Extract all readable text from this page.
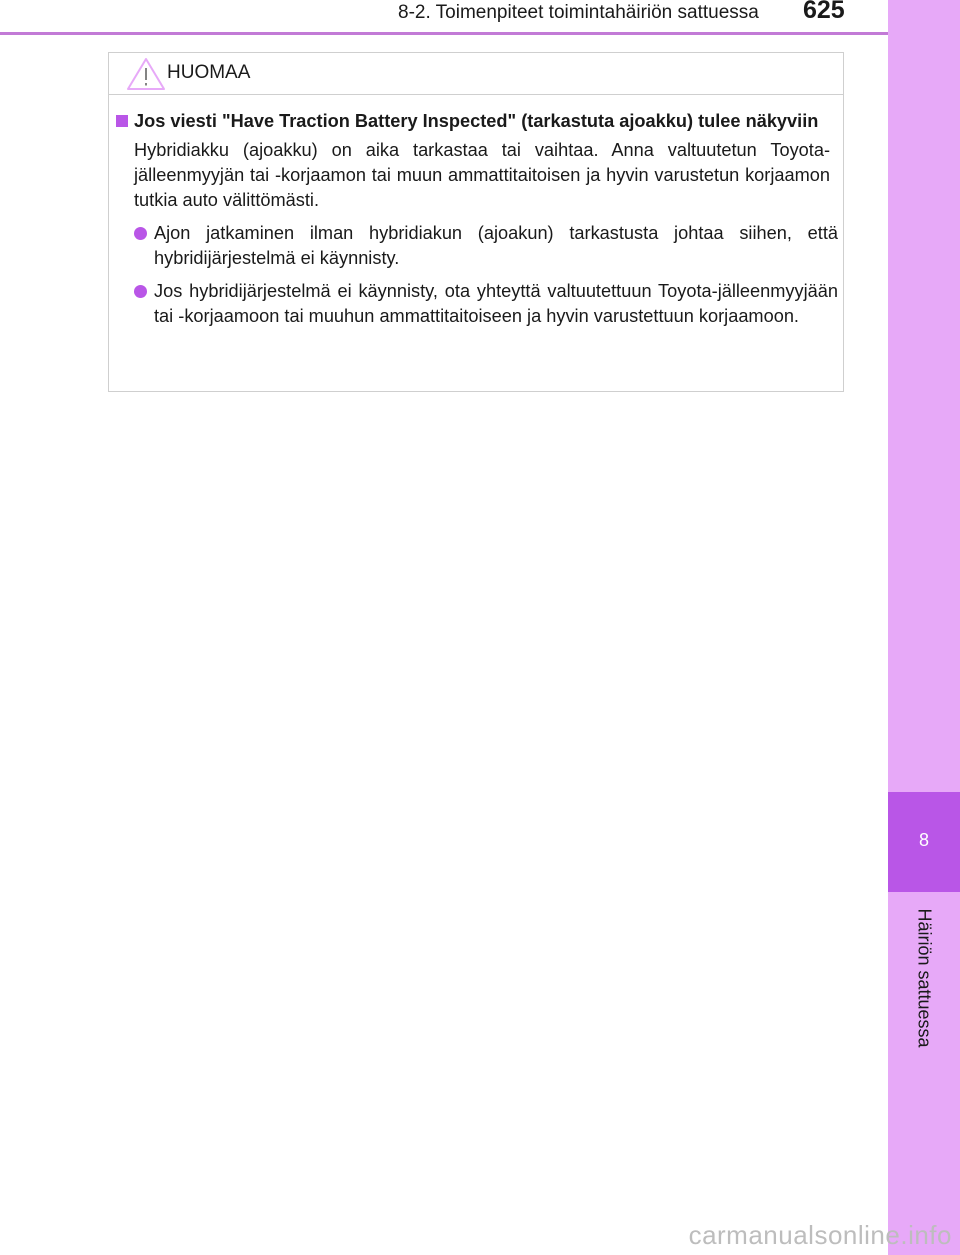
8-2. Toimenpiteet toimintahäiriön sattuessa 625
8
Häiriön sattuessa
HUOMAA
Jos viesti "Have Traction Battery Inspected" (tarkastuta ajoakku) tulee näkyviin
Hybridiakku (ajoakku) on aika tarkastaa tai vaihtaa. Anna valtuutetun Toyota-jälleenmyyjän tai -korjaamon tai muun ammattitaitoisen ja hyvin varustetun korjaamon tutkia auto välittömästi.
Ajon jatkaminen ilman hybridiakun (ajoakun) tarkastusta johtaa siihen, että hybridijärjestelmä ei käynnisty.
Jos hybridijärjestelmä ei käynnisty, ota yhteyttä valtuutettuun Toyota-jälleenmyyjään tai -korjaamoon tai muuhun ammattitaitoiseen ja hyvin varustettuun korjaamoon.
carmanualsonline.info
